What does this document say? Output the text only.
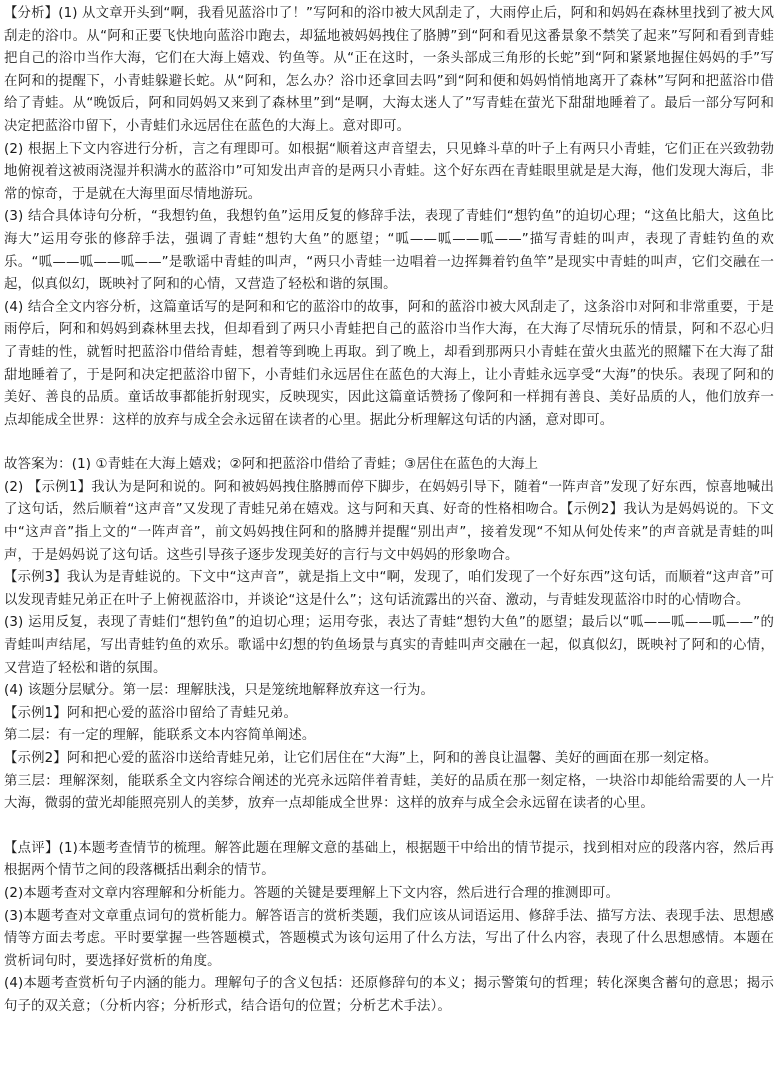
【分析】(1) 从文章开头到“啊，我看见蓝浴巾了！”写阿和的浴巾被大风刮走了，大雨停止后，阿和和妈妈在森林里找到了被大风刮走的浴巾。从“阿和正要飞快地向蓝浴巾跑去，却猛地被妈妈拽住了胳膊”到“阿和看见这番景象不禁笑了起来”写阿和看到青蛙把自己的浴巾当作大海，它们在大海上嬉戏、钓鱼等。从“正在这时，一条头部成三角形的长蛇”到“阿和紧紧地握住妈妈的手”写在阿和的提醒下，小青蛙躲避长蛇。从“阿和，怎么办？浴巾还拿回去吗”到“阿和便和妈妈悄悄地离开了森林”写阿和把蓝浴巾借给了青蛙。从“晚饭后，阿和同妈妈又来到了森林里”到“是啊，大海太迷人了”写青蛙在萤光下甜甜地睡着了。最后一部分写阿和决定把蓝浴巾留下，小青蛙们永远居住在蓝色的大海上。意对即可。

(2) 根据上下文内容进行分析，言之有理即可。如根据“顺着这声音望去，只见蜂斗草的叶子上有两只小青蛙，它们正在兴致勃勃地俯视着这被雨浇湿并积满水的蓝浴巾”可知发出声音的是两只小青蛙。这个好东西在青蛙眼里就是是大海，他们发现大海后，非常的惊奇，于是就在大海里面尽情地游玩。

(3) 结合具体诗句分析，“我想钓鱼，我想钓鱼”运用反复的修辞手法，表现了青蛙们“想钓鱼”的迫切心理；“这鱼比船大，这鱼比海大”运用夸张的修辞手法，强调了青蛙“想钓大鱼”的愿望；“呱——呱——呱——”描写青蛙的叫声，表现了青蛙钓鱼的欢乐。“呱——呱——呱——”是歌谣中青蛙的叫声，“两只小青蛙一边唱着一边挥舞着钓鱼竿”是现实中青蛙的叫声，它们交融在一起，似真似幻，既映衬了阿和的心情，又营造了轻松和谐的氛围。

(4) 结合全文内容分析，这篇童话写的是阿和和它的蓝浴巾的故事，阿和的蓝浴巾被大风刮走了，这条浴巾对阿和非常重要，于是雨停后，阿和和妈妈到森林里去找，但却看到了两只小青蛙把自己的蓝浴巾当作大海，在大海了尽情玩乐的情景，阿和不忍心归了青蛙的性，就暂时把蓝浴巾借给青蛙，想着等到晚上再取。到了晚上，却看到那两只小青蛙在萤火虫蓝光的照耀下在大海了甜甜地睡着了，于是阿和决定把蓝浴巾留下，小青蛙们永远居住在蓝色的大海上，让小青蛙永远享受“大海”的快乐。表现了阿和的美好、善良的品质。童话故事都能折射现实，反映现实，因此这篇童话赞扬了像阿和一样拥有善良、美好品质的人，他们放弃一点却能成全世界：这样的放弃与成全会永远留在读者的心里。据此分析理解这句话的内涵，意对即可。

故答案为：(1) ①青蛙在大海上嬉戏；②阿和把蓝浴巾借给了青蛙；③居住在蓝色的大海上

(2) 【示例1】我认为是阿和说的。阿和被妈妈拽住胳膊而停下脚步，在妈妈引导下，随着“一阵声音”发现了好东西，惊喜地喊出了这句话，然后顺着“这声音”又发现了青蛙兄弟在嬉戏。这与阿和天真、好奇的性格相吻合。【示例2】我认为是妈妈说的。下文中“这声音”指上文的“一阵声音”，前文妈妈拽住阿和的胳膊并提醒“别出声”，接着发现“不知从何处传来”的声音就是青蛙的叫声，于是妈妈说了这句话。这些引导孩子逐步发现美好的言行与文中妈妈的形象吻合。

【示例3】我认为是青蛙说的。下文中“这声音”，就是指上文中“啊，发现了，咱们发现了一个好东西”这句话，而顺着“这声音”可以发现青蛙兄弟正在叶子上俯视蓝浴巾，并谈论“这是什么”；这句话流露出的兴奋、激动，与青蛙发现蓝浴巾时的心情吻合。

(3) 运用反复，表现了青蛙们“想钓鱼”的迫切心理；运用夸张，表达了青蛙“想钓大鱼”的愿望；最后以“呱——呱——呱——”的青蛙叫声结尾，写出青蛙钓鱼的欢乐。歌谣中幻想的钓鱼场景与真实的青蛙叫声交融在一起，似真似幻，既映衬了阿和的心情，又营造了轻松和谐的氛围。

(4) 该题分层赋分。第一层：理解肤浅，只是笼统地解释放弃这一行为。

【示例1】阿和把心爱的蓝浴巾留给了青蛙兄弟。

第二层：有一定的理解，能联系文本内容简单阐述。

【示例2】阿和把心爱的蓝浴巾送给青蛙兄弟，让它们居住在“大海”上，阿和的善良让温馨、美好的画面在那一刻定格。

第三层：理解深刻，能联系全文内容综合阐述的光亮永远陪伴着青蛙，美好的品质在那一刻定格，一块浴巾却能给需要的人一片大海，微弱的萤光却能照亮别人的美梦，放弃一点却能成全世界：这样的放弃与成全会永远留在读者的心里。

【点评】(1)本题考查情节的梳理。解答此题在理解文意的基础上，根据题干中给出的情节提示，找到相对应的段落内容，然后再根据两个情节之间的段落概括出剩余的情节。

(2)本题考查对文章内容理解和分析能力。答题的关键是要理解上下文内容，然后进行合理的推测即可。

(3)本题考查对文章重点词句的赏析能力。解答语言的赏析类题，我们应该从词语运用、修辞手法、描写方法、表现手法、思想感情等方面去考虑。平时要掌握一些答题模式，答题模式为该句运用了什么方法，写出了什么内容，表现了什么思想感情。本题在赏析词句时，要选择好赏析的角度。

(4)本题考查赏析句子内涵的能力。理解句子的含义包括：还原修辞句的本义；揭示警策句的哲理；转化深奥含蓄句的意思；揭示句子的双关意；（分析内容；分析形式，结合语句的位置；分析艺术手法）。
